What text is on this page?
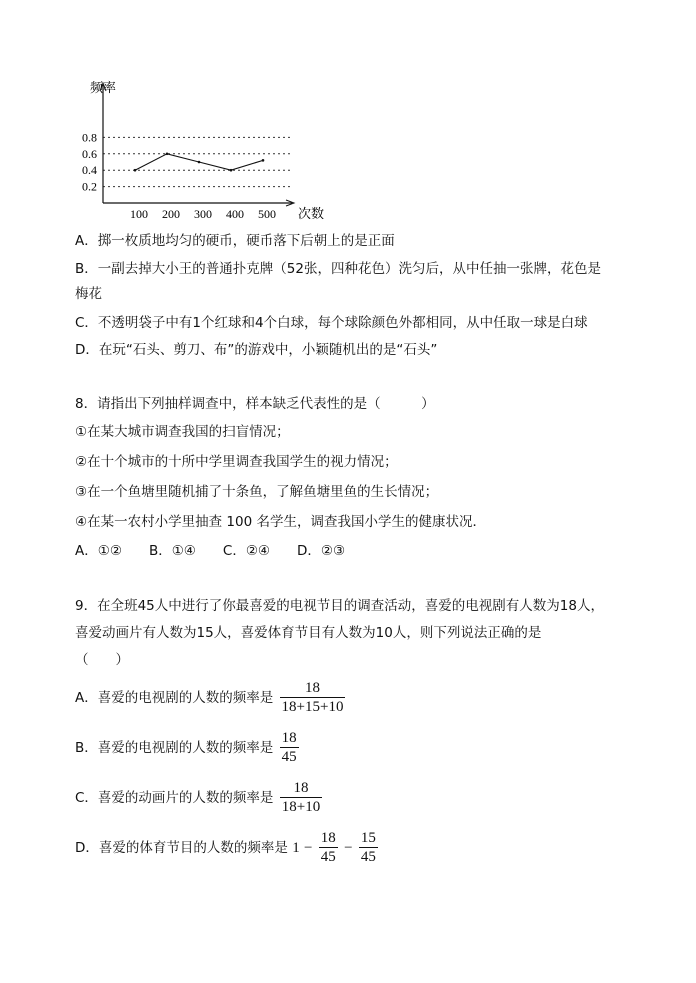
0.8
0.6
0.4
0.2
100 200 300 400 500
频率
次数
A．掷一枚质地均匀的硬币，硬币落下后朝上的是正面
B．一副去掉大小王的普通扑克牌（52张，四种花色）洗匀后，从中任抽一张牌，花色是
梅花
C．不透明袋子中有1个红球和4个白球，每个球除颜色外都相同，从中任取一球是白球
D．在玩“石头、剪刀、布”的游戏中，小颖随机出的是“石头”
8．请指出下列抽样调查中，样本缺乏代表性的是（　　　）
①在某大城市调查我国的扫盲情况；
②在十个城市的十所中学里调查我国学生的视力情况；
③在一个鱼塘里随机捕了十条鱼，了解鱼塘里鱼的生长情况；
④在某一农村小学里抽查 100 名学生，调查我国小学生的健康状况．
A．①②　　B．①④　　C．②④　　D．②③
9．在全班45人中进行了你最喜爱的电视节目的调查活动，喜爱的电视剧有人数为18人，
喜爱动画片有人数为15人，喜爱体育节目有人数为10人，则下列说法正确的是
（　　）
A．喜爱的电视剧的人数的频率是 $\frac{18}{18+15+10}$
B．喜爱的电视剧的人数的频率是 $\frac{18}{45}$
C．喜爱的动画片的人数的频率是 $\frac{18}{18+10}$
D．喜爱的体育节目的人数的频率是 $1 - \frac{18}{45} - \frac{15}{45}$
